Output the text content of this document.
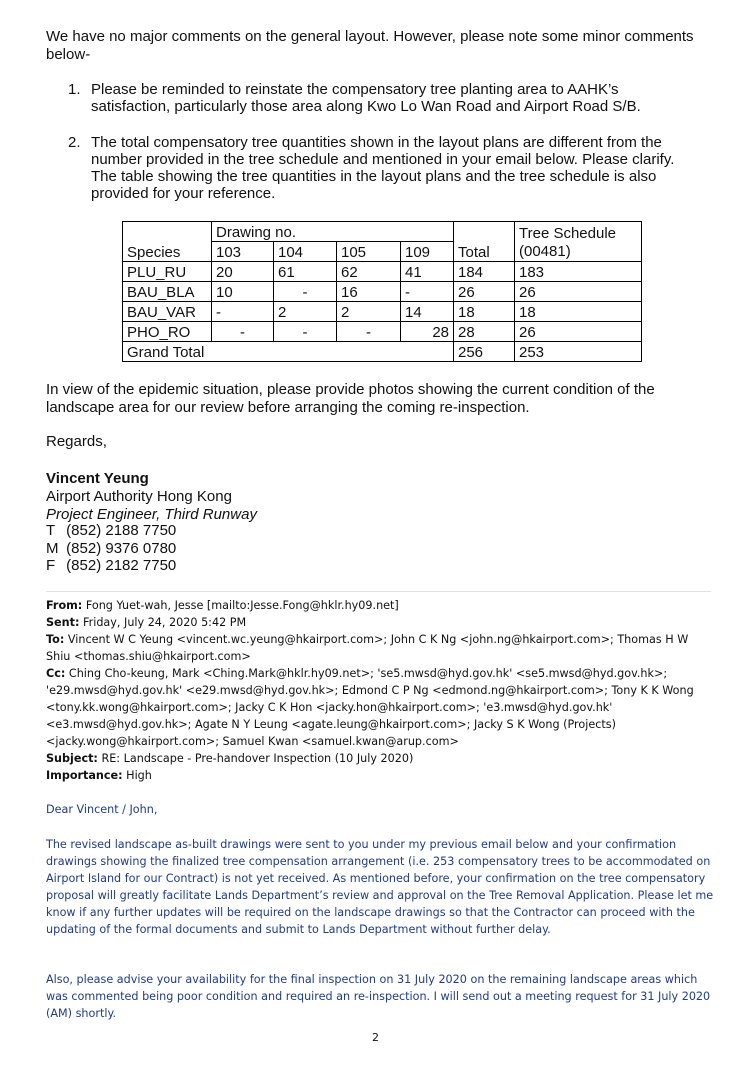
We have no major comments on the general layout. However, please note some minor comments below-

1. Please be reminded to reinstate the compensatory tree planting area to AAHK’s satisfaction, particularly those area along Kwo Lo Wan Road and Airport Road S/B.
2. The total compensatory tree quantities shown in the layout plans are different from the number provided in the tree schedule and mentioned in your email below. Please clarify. The table showing the tree quantities in the layout plans and the tree schedule is also provided for your reference.
Species	Drawing no.				Total	Tree Schedule (00481)
	103	104	105	109		
PLU_RU	20	61	62	41	184	183
BAU_BLA	10	-	16	-	26	26
BAU_VAR	-	2	2	14	18	18
PHO_RO	-	-	-	28	28	26
Grand Total					256	253

In view of the epidemic situation, please provide photos showing the current condition of the landscape area for our review before arranging the coming re-inspection.

Regards,

Vincent Yeung
Airport Authority Hong Kong
Project Engineer, Third Runway
T (852) 2188 7750
M (852) 9376 0780
F (852) 2182 7750
From: Fong Yuet-wah, Jesse [mailto:Jesse.Fong@hklr.hy09.net]
Sent: Friday, July 24, 2020 5:42 PM
To: Vincent W C Yeung <vincent.wc.yeung@hkairport.com>; John C K Ng <john.ng@hkairport.com>; Thomas H W Shiu <thomas.shiu@hkairport.com>
Cc: Ching Cho-keung, Mark <Ching.Mark@hklr.hy09.net>; 'se5.mwsd@hyd.gov.hk' <se5.mwsd@hyd.gov.hk>; 'e29.mwsd@hyd.gov.hk' <e29.mwsd@hyd.gov.hk>; Edmond C P Ng <edmond.ng@hkairport.com>; Tony K K Wong <tony.kk.wong@hkairport.com>; Jacky C K Hon <jacky.hon@hkairport.com>; 'e3.mwsd@hyd.gov.hk' <e3.mwsd@hyd.gov.hk>; Agate N Y Leung <agate.leung@hkairport.com>; Jacky S K Wong (Projects) <jacky.wong@hkairport.com>; Samuel Kwan <samuel.kwan@arup.com>
Subject: RE: Landscape - Pre-handover Inspection (10 July 2020)
Importance: High
Dear Vincent / John,
The revised landscape as-built drawings were sent to you under my previous email below and your confirmation drawings showing the finalized tree compensation arrangement (i.e. 253 compensatory trees to be accommodated on Airport Island for our Contract) is not yet received. As mentioned before, your confirmation on the tree compensatory proposal will greatly facilitate Lands Department’s review and approval on the Tree Removal Application. Please let me know if any further updates will be required on the landscape drawings so that the Contractor can proceed with the updating of the formal documents and submit to Lands Department without further delay.
Also, please advise your availability for the final inspection on 31 July 2020 on the remaining landscape areas which was commented being poor condition and required an re-inspection. I will send out a meeting request for 31 July 2020 (AM) shortly.
2
